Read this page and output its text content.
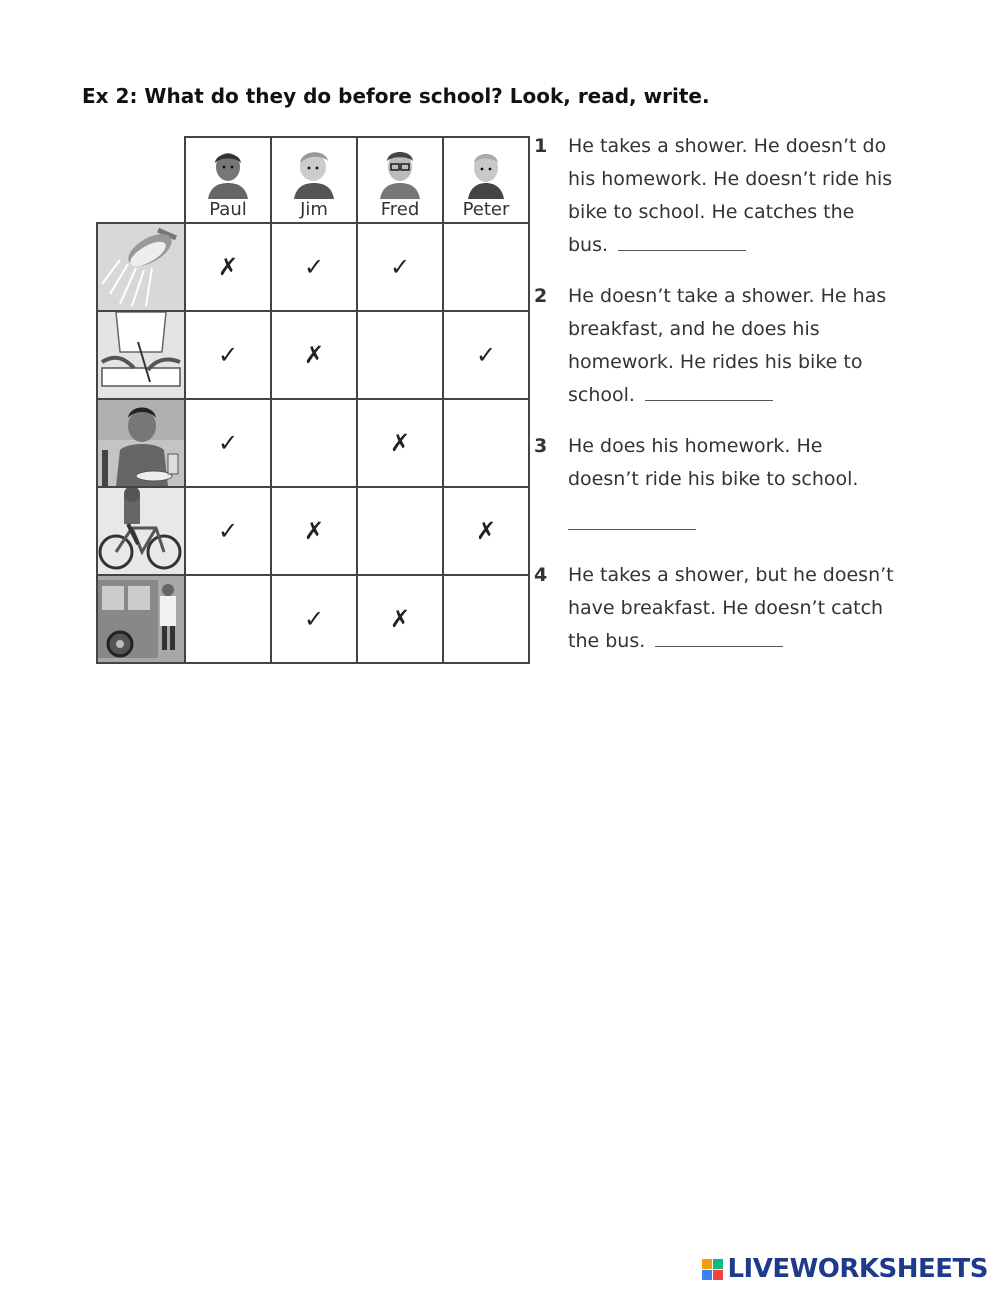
Ex 2: What do they do before school? Look, read, write.

	Paul	Jim	Fred	Peter

	✗	✓	✓	

	✓	✗		✓

	✓		✗	

	✓	✗		✗

		✓	✗	
1 He takes a shower. He doesn’t do his homework. He doesn’t ride his bike to school. He catches the bus.
2 He doesn’t take a shower. He has breakfast, and he does his homework. He rides his bike to school.
3 He does his homework. He doesn’t ride his bike to school.
4 He takes a shower, but he doesn’t have breakfast. He doesn’t catch the bus.
LIVEWORKSHEETS
